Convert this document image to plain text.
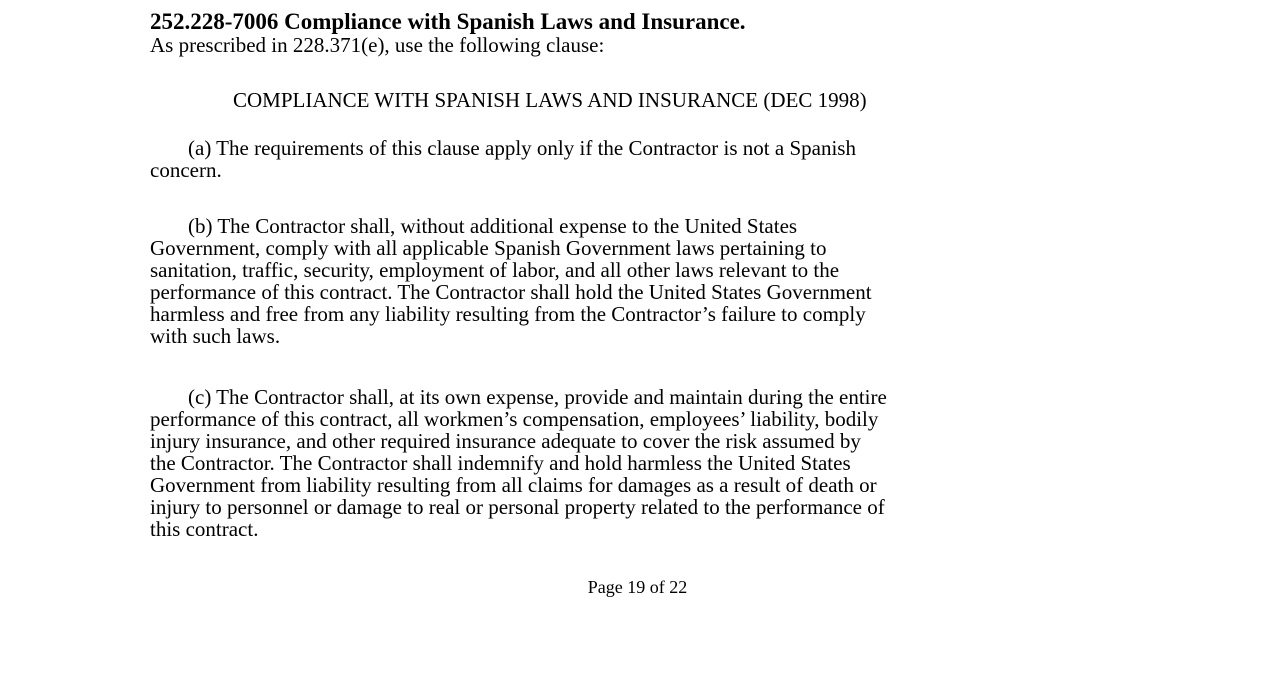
252.228-7006 Compliance with Spanish Laws and Insurance.

As prescribed in 228.371(e), use the following clause:

COMPLIANCE WITH SPANISH LAWS AND INSURANCE (DEC 1998)

(a) The requirements of this clause apply only if the Contractor is not a Spanish
concern.

(b) The Contractor shall, without additional expense to the United States
Government, comply with all applicable Spanish Government laws pertaining to
sanitation, traffic, security, employment of labor, and all other laws relevant to the
performance of this contract. The Contractor shall hold the United States Government
harmless and free from any liability resulting from the Contractor’s failure to comply
with such laws.

(c) The Contractor shall, at its own expense, provide and maintain during the entire
performance of this contract, all workmen’s compensation, employees’ liability, bodily
injury insurance, and other required insurance adequate to cover the risk assumed by
the Contractor. The Contractor shall indemnify and hold harmless the United States
Government from liability resulting from all claims for damages as a result of death or
injury to personnel or damage to real or personal property related to the performance of
this contract.

Page 19 of 22
